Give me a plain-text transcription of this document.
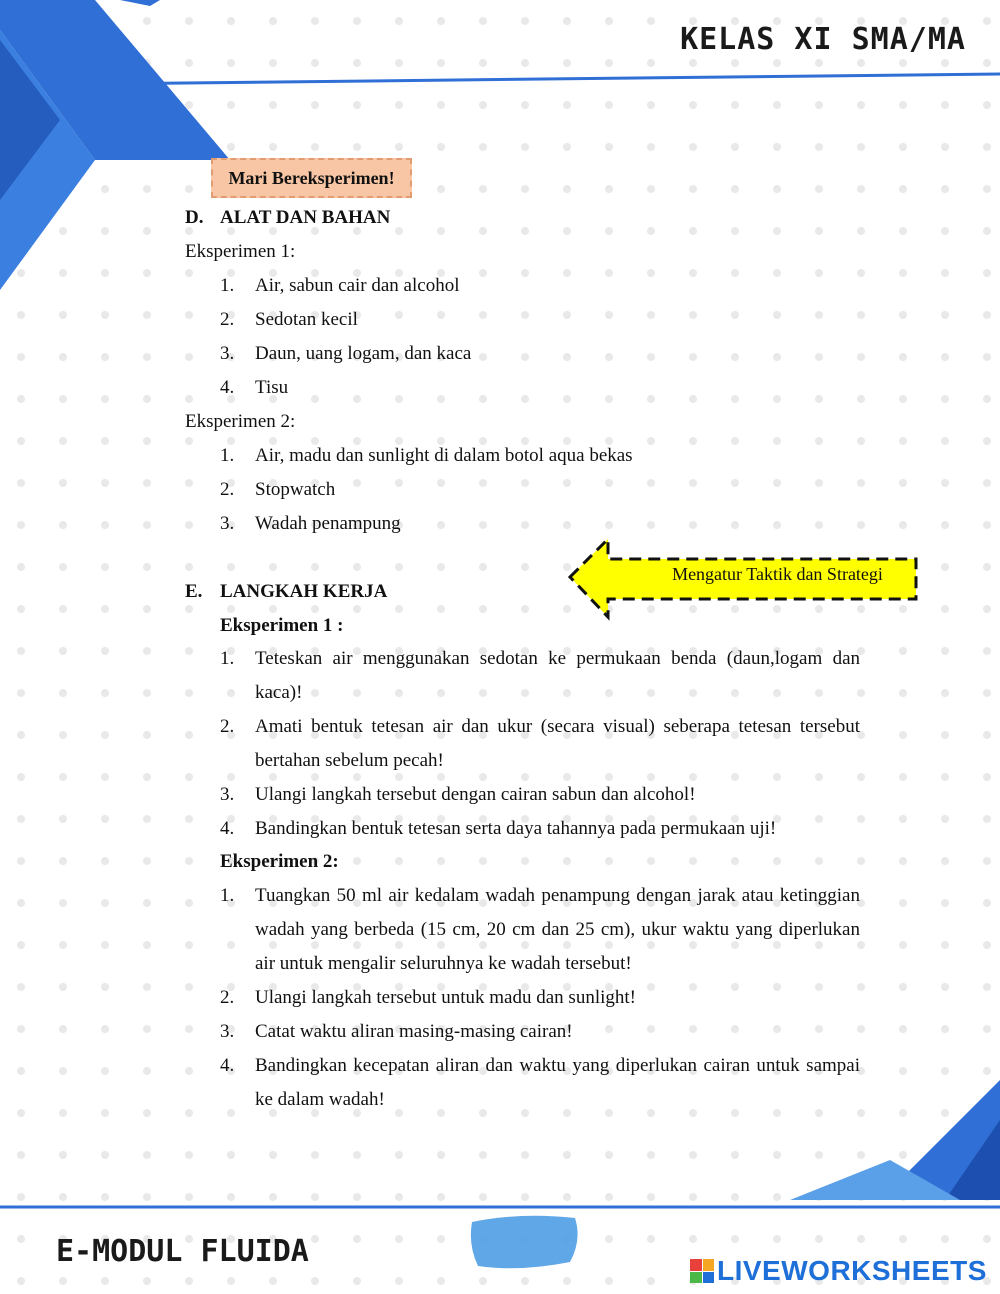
KELAS XI SMA/MA
Mari Bereksperimen!
D. ALAT DAN BAHAN
Eksperimen 1:
1. Air, sabun cair dan alcohol
2. Sedotan kecil
3. Daun, uang logam, dan kaca
4. Tisu
Eksperimen 2:
1. Air, madu dan sunlight di dalam botol aqua bekas
2. Stopwatch
3. Wadah penampung
Mengatur Taktik dan Strategi
E. LANGKAH KERJA
Eksperimen 1 :
1. Teteskan air menggunakan sedotan ke permukaan benda (daun,logam dan kaca)!
2. Amati bentuk tetesan air dan ukur (secara visual) seberapa tetesan tersebut bertahan sebelum pecah!
3. Ulangi langkah tersebut dengan cairan sabun dan alcohol!
4. Bandingkan bentuk tetesan serta daya tahannya pada permukaan uji!
Eksperimen 2:
1. Tuangkan 50 ml air kedalam wadah penampung dengan jarak atau ketinggian wadah yang berbeda (15 cm, 20 cm dan 25 cm), ukur waktu yang diperlukan air untuk mengalir seluruhnya ke wadah tersebut!
2. Ulangi langkah tersebut untuk madu dan sunlight!
3. Catat waktu aliran masing-masing cairan!
4. Bandingkan kecepatan aliran dan waktu yang diperlukan cairan untuk sampai ke dalam wadah!
E-MODUL FLUIDA
LIVEWORKSHEETS
